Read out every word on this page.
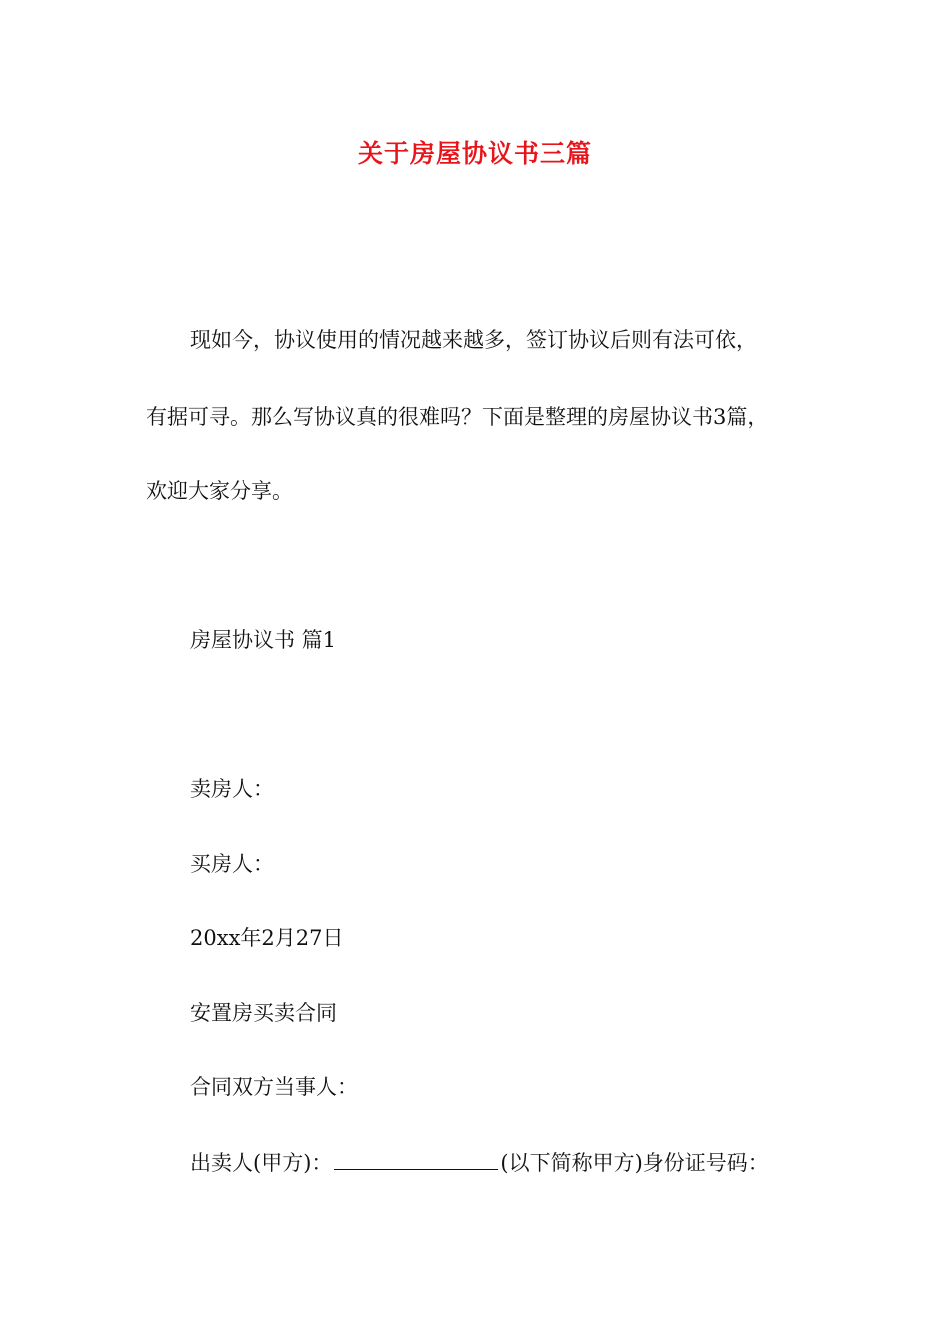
关于房屋协议书三篇
现如今，协议使用的情况越来越多，签订协议后则有法可依，
有据可寻。那么写协议真的很难吗？下面是整理的房屋协议书3篇，
欢迎大家分享。
房屋协议书 篇1
卖房人：
买房人：
20xx年2月27日
安置房买卖合同
合同双方当事人：
出卖人(甲方)：	(以下简称甲方)身份证号码：
